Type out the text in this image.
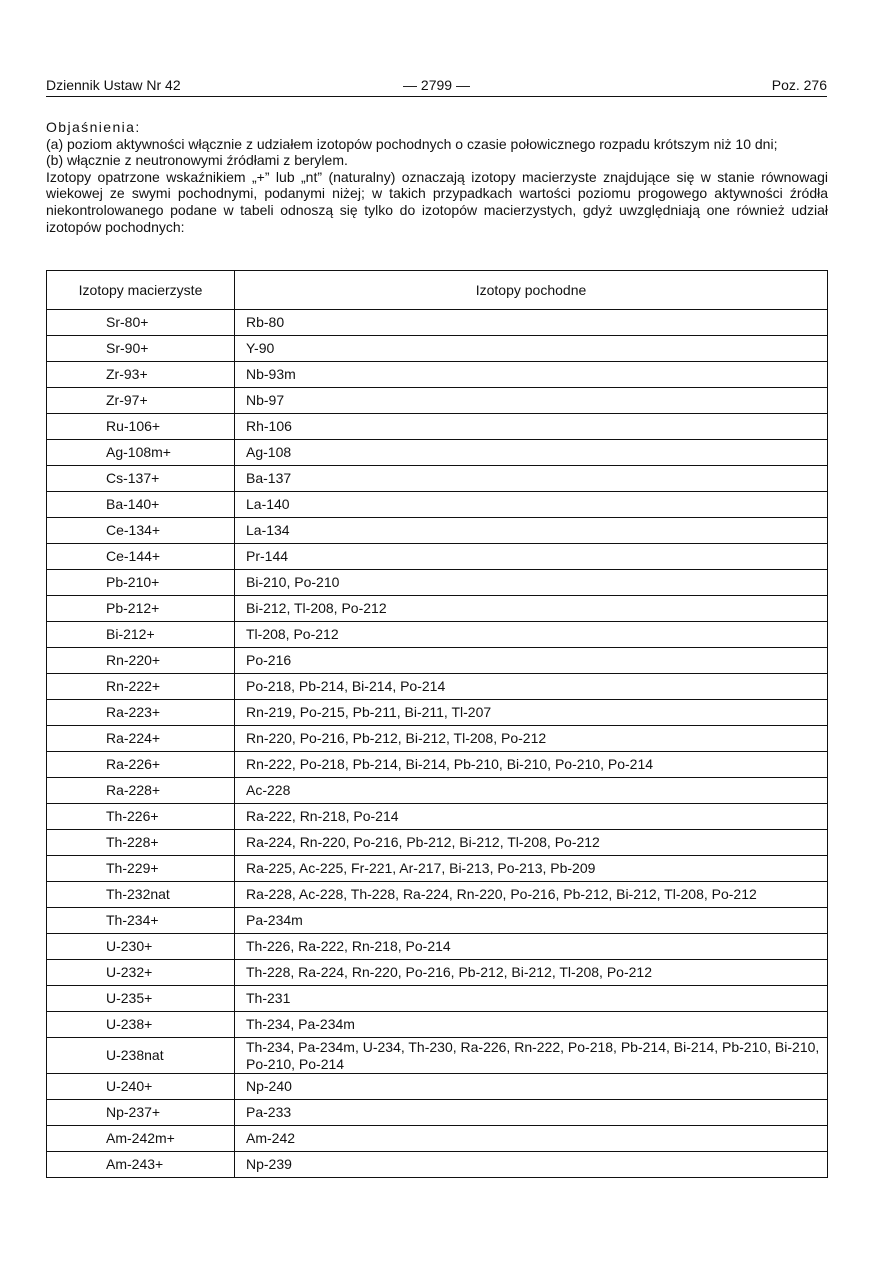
Dziennik Ustaw Nr 42	— 2799 —	Poz. 276

Objaśnienia:

(a) poziom aktywności włącznie z udziałem izotopów pochodnych o czasie połowicznego rozpadu krótszym niż 10 dni;

(b) włącznie z neutronowymi źródłami z berylem.

Izotopy opatrzone wskaźnikiem „+” lub „nt” (naturalny) oznaczają izotopy macierzyste znajdujące się w stanie równowagi wiekowej ze swymi pochodnymi, podanymi niżej; w takich przypadkach wartości poziomu progowego aktywności źródła niekontrolowanego podane w tabeli odnoszą się tylko do izotopów macierzystych, gdyż uwzględniają one również udział izotopów pochodnych:

Izotopy macierzyste	Izotopy pochodne
Sr-80+	Rb-80
Sr-90+	Y-90
Zr-93+	Nb-93m
Zr-97+	Nb-97
Ru-106+	Rh-106
Ag-108m+	Ag-108
Cs-137+	Ba-137
Ba-140+	La-140
Ce-134+	La-134
Ce-144+	Pr-144
Pb-210+	Bi-210, Po-210
Pb-212+	Bi-212, Tl-208, Po-212
Bi-212+	Tl-208, Po-212
Rn-220+	Po-216
Rn-222+	Po-218, Pb-214, Bi-214, Po-214
Ra-223+	Rn-219, Po-215, Pb-211, Bi-211, Tl-207
Ra-224+	Rn-220, Po-216, Pb-212, Bi-212, Tl-208, Po-212
Ra-226+	Rn-222, Po-218, Pb-214, Bi-214, Pb-210, Bi-210, Po-210, Po-214
Ra-228+	Ac-228
Th-226+	Ra-222, Rn-218, Po-214
Th-228+	Ra-224, Rn-220, Po-216, Pb-212, Bi-212, Tl-208, Po-212
Th-229+	Ra-225, Ac-225, Fr-221, Ar-217, Bi-213, Po-213, Pb-209
Th-232nat	Ra-228, Ac-228, Th-228, Ra-224, Rn-220, Po-216, Pb-212, Bi-212, Tl-208, Po-212
Th-234+	Pa-234m
U-230+	Th-226, Ra-222, Rn-218, Po-214
U-232+	Th-228, Ra-224, Rn-220, Po-216, Pb-212, Bi-212, Tl-208, Po-212
U-235+	Th-231
U-238+	Th-234, Pa-234m
U-238nat	Th-234, Pa-234m, U-234, Th-230, Ra-226, Rn-222, Po-218, Pb-214, Bi-214, Pb-210, Bi-210, Po-210, Po-214
U-240+	Np-240
Np-237+	Pa-233
Am-242m+	Am-242
Am-243+	Np-239
